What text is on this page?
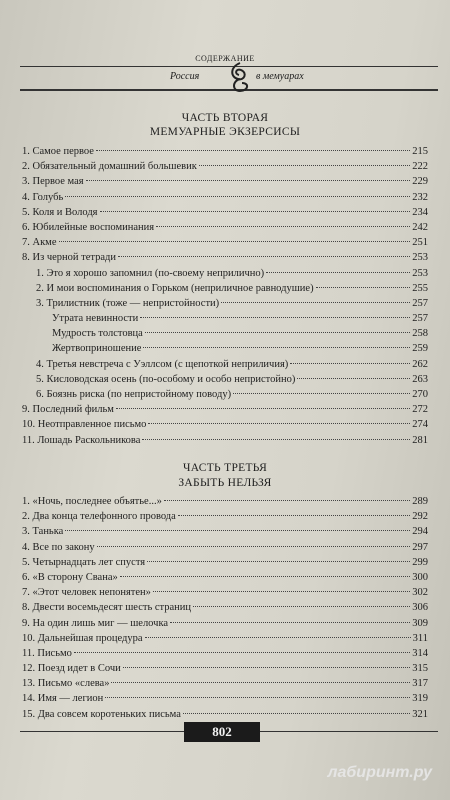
СОДЕРЖАНИЕ
Россия	в мемуарах
ЧАСТЬ ВТОРАЯ
МЕМУАРНЫЕ ЭКЗЕРСИСЫ
1. Самое первое	215
2. Обязательный домашний большевик	222
3. Первое мая	229
4. Голубь	232
5. Коля и Володя	234
6. Юбилейные воспоминания	242
7. Акме	251
8. Из черной тетради	253
1. Это я хорошо запомнил (по-своему неприлично)	253
2. И мои воспоминания о Горьком (неприличное равнодушие)	255
3. Трилистник (тоже — непристойности)	257
Утрата невинности	257
Мудрость толстовца	258
Жертвоприношение	259
4. Третья невстреча с Уэллсом (с щепоткой неприличия)	262
5. Кисловодская осень (по-особому и особо непристойно)	263
6. Боязнь риска (по непристойному поводу)	270
9. Последний фильм	272
10. Неотправленное письмо	274
11. Лошадь Раскольникова	281
ЧАСТЬ ТРЕТЬЯ
ЗАБЫТЬ НЕЛЬЗЯ
1. «Ночь, последнее объятье...»	289
2. Два конца телефонного провода	292
3. Танька	294
4. Все по закону	297
5. Четырнадцать лет спустя	299
6. «В сторону Свана»	300
7. «Этот человек непонятен»	302
8. Двести восемьдесят шесть страниц	306
9. На один лишь миг — шелочка	309
10. Дальнейшая процедура	311
11. Письмо	314
12. Поезд идет в Сочи	315
13. Письмо «слева»	317
14. Имя — легион	319
15. Два совсем коротеньких письма	321
802
лабиринт.ру
